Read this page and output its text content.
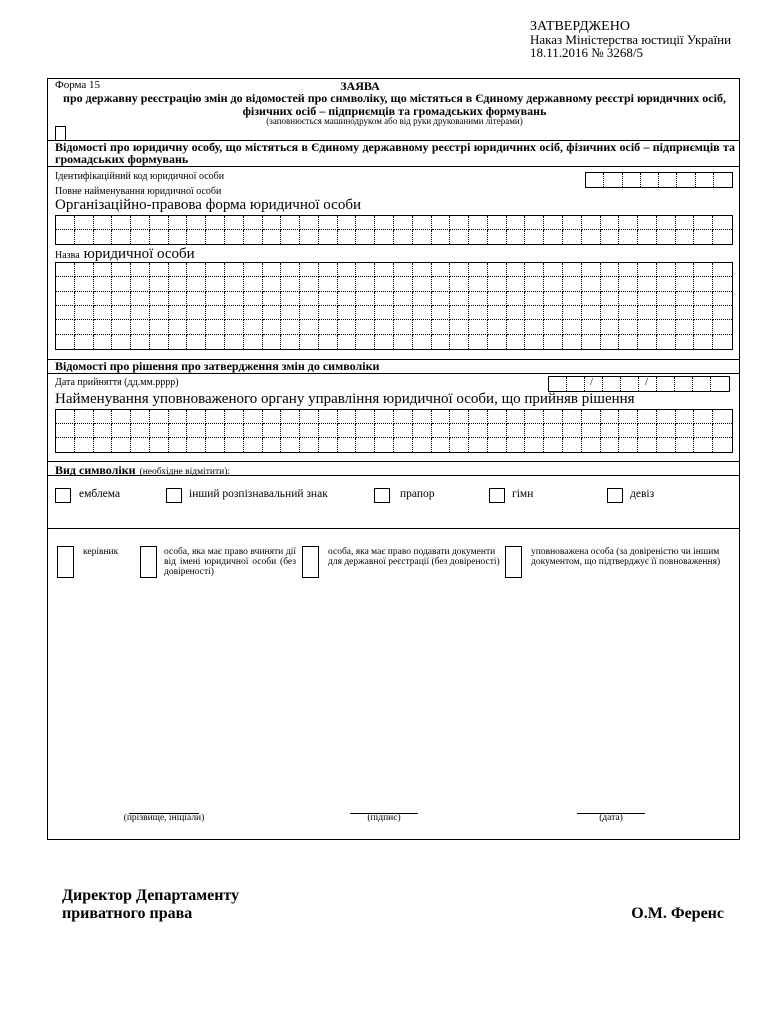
ЗАТВЕРДЖЕНО
Наказ Міністерства юстиції України
18.11.2016 № 3268/5
Форма 15	ЗАЯВА
про державну реєстрацію змін до відомостей про символіку, що містяться в Єдиному державному реєстрі юридичних осіб,
фізичних осіб – підприємців та громадських формувань
(заповнюється машинодруком або від руки друкованими літерами)
Відомості про юридичну особу, що містяться в Єдиному державному реєстрі юридичних осіб, фізичних осіб – підприємців та громадських формувань
Ідентифікаційний код юридичної особи
Повне найменування юридичної особи
Організаційно-правова форма юридичної особи
Назва юридичної особи
Відомості про рішення про затвердження змін до символіки
Дата прийняття (дд.мм.рррр)	/	/
Найменування уповноваженого органу управління юридичної особи, що прийняв рішення
Вид символіки (необхідне відмітити):
емблема	інший розпізнавальний знак	прапор	гімн	девіз
керівник	особа, яка має право вчиняти дії від імені юридичної особи (без довіреності)
особа, яка має право подавати документи для державної реєстрації (без довіреності)
уповноважена особа (за довіреністю чи іншим документом, що підтверджує її повноваження)
(прізвище, ініціали)	(підпис)	(дата)
Директор Департаменту
приватного права	О.М. Ференс
